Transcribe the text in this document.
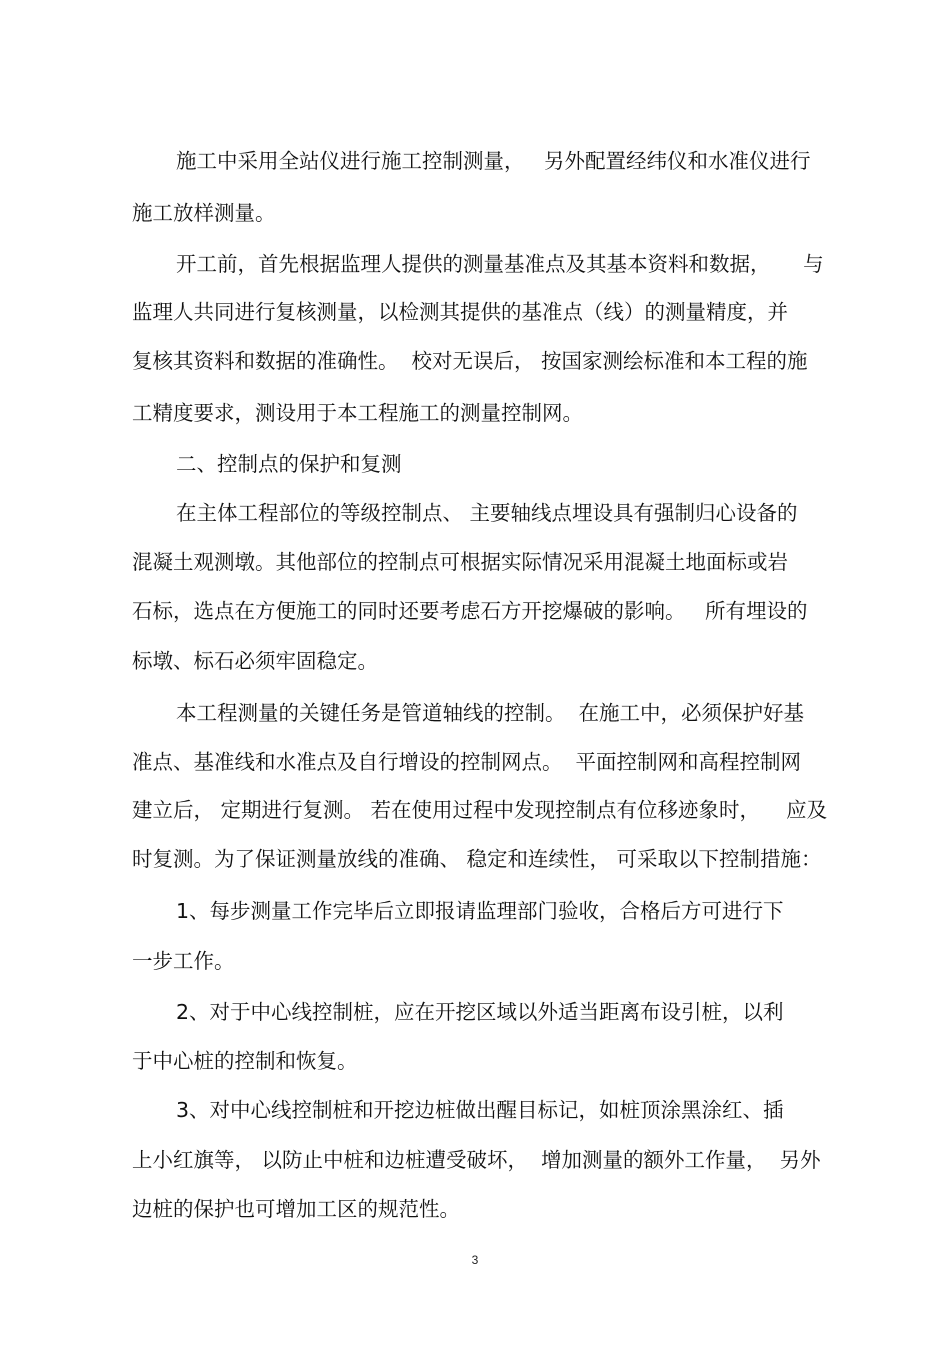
施工中采用全站仪进行施工控制测量，   另外配置经纬仪和水准仪进行
施工放样测量。
开工前，首先根据监理人提供的测量基准点及其基本资料和数据，     与
监理人共同进行复核测量，以检测其提供的基准点（线）的测量精度，并
复核其资料和数据的准确性。  校对无误后， 按国家测绘标准和本工程的施
工精度要求，测设用于本工程施工的测量控制网。
二、控制点的保护和复测
在主体工程部位的等级控制点、 主要轴线点埋设具有强制归心设备的
混凝土观测墩。其他部位的控制点可根据实际情况采用混凝土地面标或岩
石标，选点在方便施工的同时还要考虑石方开挖爆破的影响。   所有埋设的
标墩、标石必须牢固稳定。
本工程测量的关键任务是管道轴线的控制。  在施工中，必须保护好基
准点、基准线和水准点及自行增设的控制网点。  平面控制网和高程控制网
建立后， 定期进行复测。 若在使用过程中发现控制点有位移迹象时，    应及
时复测。为了保证测量放线的准确、 稳定和连续性， 可采取以下控制措施：
1、每步测量工作完毕后立即报请监理部门验收，合格后方可进行下
一步工作。
2、对于中心线控制桩，应在开挖区域以外适当距离布设引桩，以利
于中心桩的控制和恢复。
3、对中心线控制桩和开挖边桩做出醒目标记，如桩顶涂黑涂红、插
上小红旗等， 以防止中桩和边桩遭受破坏，  增加测量的额外工作量，  另外
边桩的保护也可增加工区的规范性。
3
